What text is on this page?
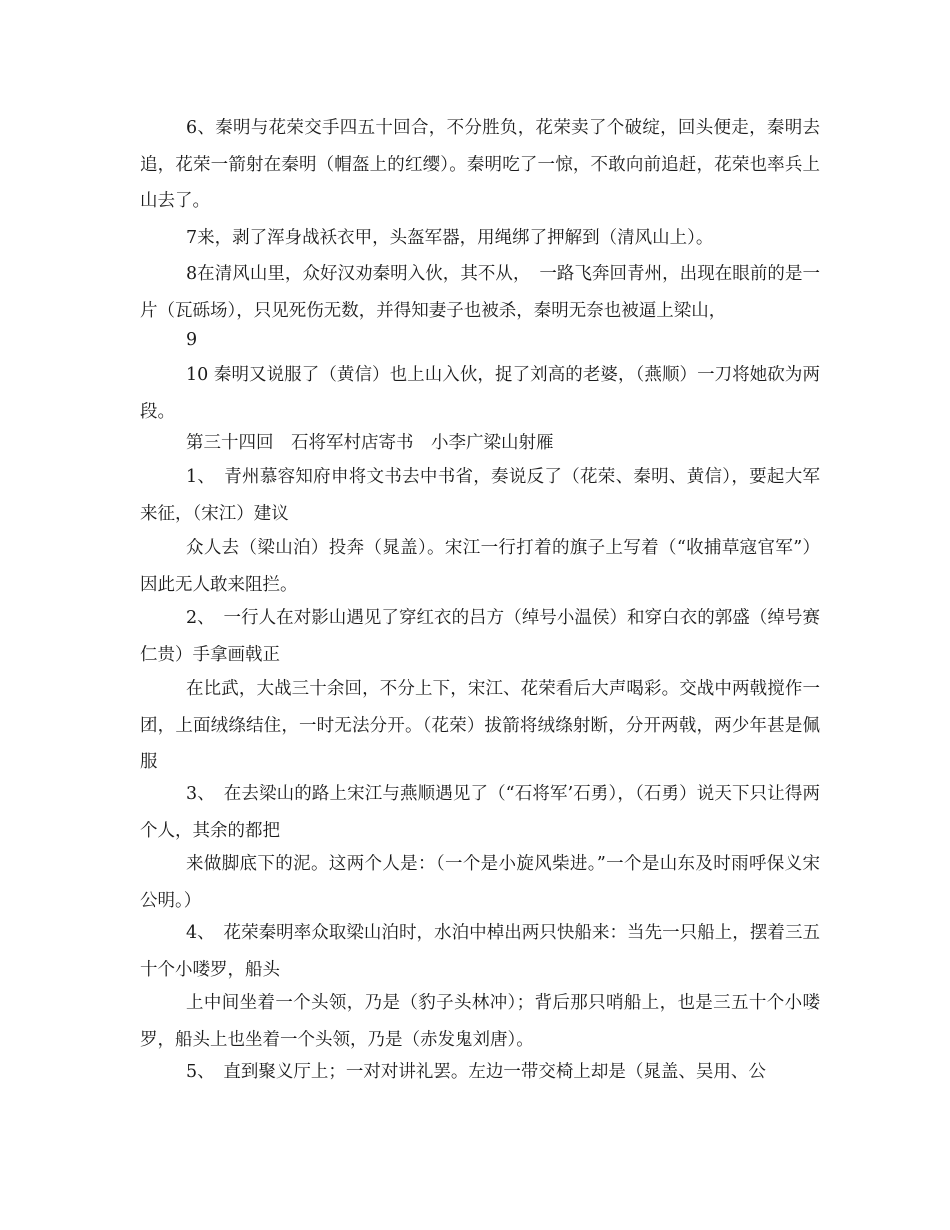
6、秦明与花荣交手四五十回合，不分胜负，花荣卖了个破绽，回头便走，秦明去追，花荣一箭射在秦明（帽盔上的红缨）。秦明吃了一惊，不敢向前追赶，花荣也率兵上山去了。

7来，剥了浑身战袄衣甲，头盔军器，用绳绑了押解到（清风山上）。

8在清风山里，众好汉劝秦明入伙，其不从，　一路飞奔回青州，出现在眼前的是一片（瓦砾场），只见死伤无数，并得知妻子也被杀，秦明无奈也被逼上梁山，

9

10 秦明又说服了（黄信）也上山入伙，捉了刘高的老婆，（燕顺）一刀将她砍为两段。

第三十四回　石将军村店寄书　小李广梁山射雁

1、　青州慕容知府申将文书去中书省，奏说反了（花荣、秦明、黄信），要起大军来征，（宋江）建议

众人去（梁山泊）投奔（晁盖）。宋江一行打着的旗子上写着（“收捕草寇官军”）因此无人敢来阻拦。

2、　一行人在对影山遇见了穿红衣的吕方（绰号小温侯）和穿白衣的郭盛（绰号赛仁贵）手拿画戟正

在比武，大战三十余回，不分上下，宋江、花荣看后大声喝彩。交战中两戟搅作一团，上面绒绦结住，一时无法分开。（花荣）拔箭将绒绦射断，分开两戟，两少年甚是佩服

3、　在去梁山的路上宋江与燕顺遇见了（“石将军’石勇），（石勇）说天下只让得两个人，其余的都把

来做脚底下的泥。这两个人是：（一个是小旋风柴进。”一个是山东及时雨呼保义宋公明。）

4、　花荣秦明率众取梁山泊时，水泊中棹出两只快船来：当先一只船上，摆着三五十个小喽罗，船头

上中间坐着一个头领，乃是（豹子头林冲）；背后那只哨船上，也是三五十个小喽罗，船头上也坐着一个头领，乃是（赤发鬼刘唐）。

5、　直到聚义厅上；一对对讲礼罢。左边一带交椅上却是（晁盖、吴用、公
